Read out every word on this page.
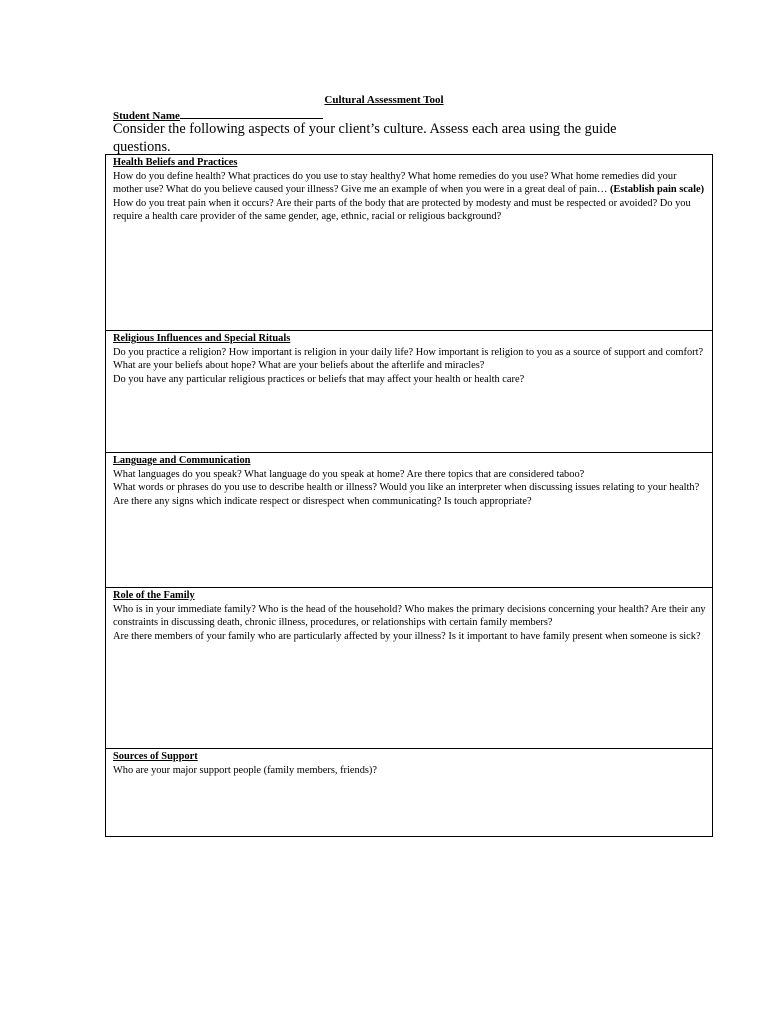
Cultural Assessment Tool
Student Name
Consider the following aspects of your client’s culture. Assess each area using the guide questions.
Health Beliefs and Practices
How do you define health? What practices do you use to stay healthy? What home remedies do you use? What home remedies did your mother use? What do you believe caused your illness? Give me an example of when you were in a great deal of pain… (Establish pain scale) How do you treat pain when it occurs? Are their parts of the body that are protected by modesty and must be respected or avoided? Do you require a health care provider of the same gender, age, ethnic, racial or religious background?
Religious Influences and Special Rituals

Do you practice a religion? How important is religion in your daily life? How important is religion to you as a source of support and comfort? What are your beliefs about hope? What are your beliefs about the afterlife and miracles?

Do you have any particular religious practices or beliefs that may affect your health or health care?

Language and Communication

What languages do you speak? What language do you speak at home? Are there topics that are considered taboo?

What words or phrases do you use to describe health or illness? Would you like an interpreter when discussing issues relating to your health? Are there any signs which indicate respect or disrespect when communicating? Is touch appropriate?

Role of the Family

Who is in your immediate family? Who is the head of the household? Who makes the primary decisions concerning your health? Are their any constraints in discussing death, chronic illness, procedures, or relationships with certain family members?

Are there members of your family who are particularly affected by your illness? Is it important to have family present when someone is sick?

Sources of Support

Who are your major support people (family members, friends)?
